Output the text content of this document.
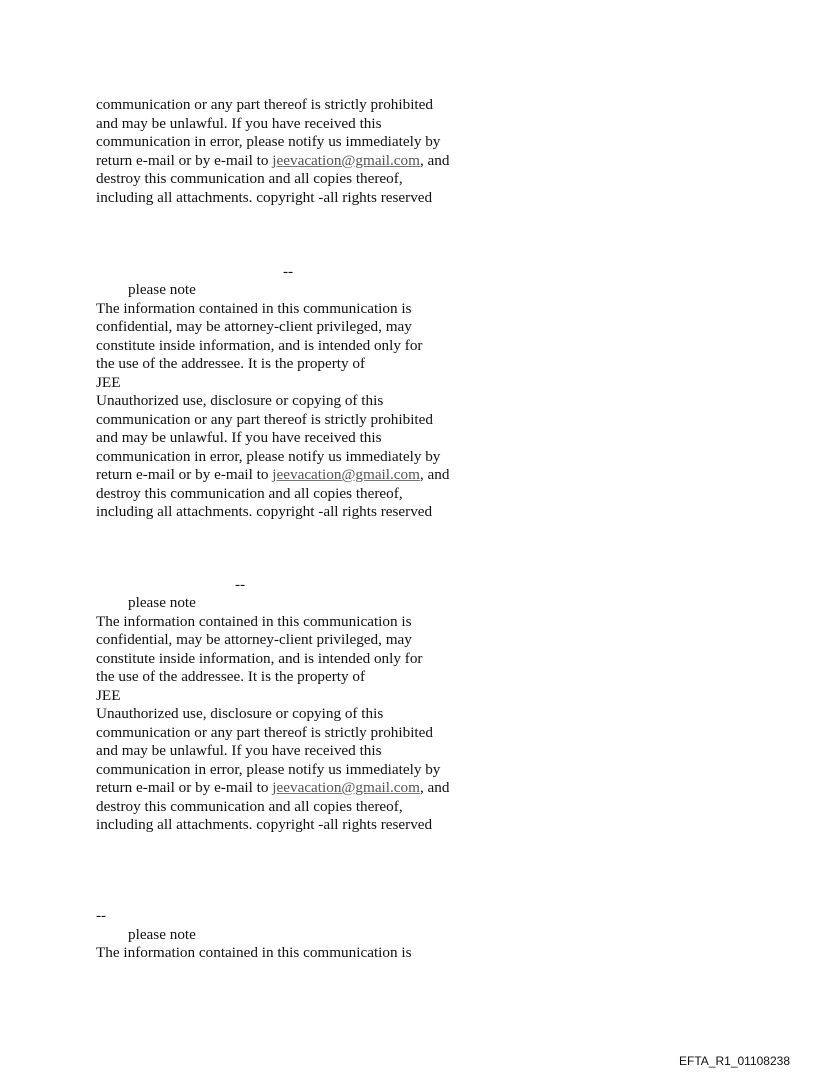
communication or any part thereof is strictly prohibited
and may be unlawful. If you have received this
communication in error, please notify us immediately by
return e-mail or by e-mail to jeevacation@gmail.com, and
destroy this communication and all copies thereof,
including all attachments. copyright -all rights reserved
--
please note
The information contained in this communication is
confidential, may be attorney-client privileged, may
constitute inside information, and is intended only for
the use of the addressee. It is the property of
JEE
Unauthorized use, disclosure or copying of this
communication or any part thereof is strictly prohibited
and may be unlawful. If you have received this
communication in error, please notify us immediately by
return e-mail or by e-mail to jeevacation@gmail.com, and
destroy this communication and all copies thereof,
including all attachments. copyright -all rights reserved
--
please note
The information contained in this communication is
confidential, may be attorney-client privileged, may
constitute inside information, and is intended only for
the use of the addressee. It is the property of
JEE
Unauthorized use, disclosure or copying of this
communication or any part thereof is strictly prohibited
and may be unlawful. If you have received this
communication in error, please notify us immediately by
return e-mail or by e-mail to jeevacation@gmail.com, and
destroy this communication and all copies thereof,
including all attachments. copyright -all rights reserved
--
please note
The information contained in this communication is
EFTA_R1_01108238
